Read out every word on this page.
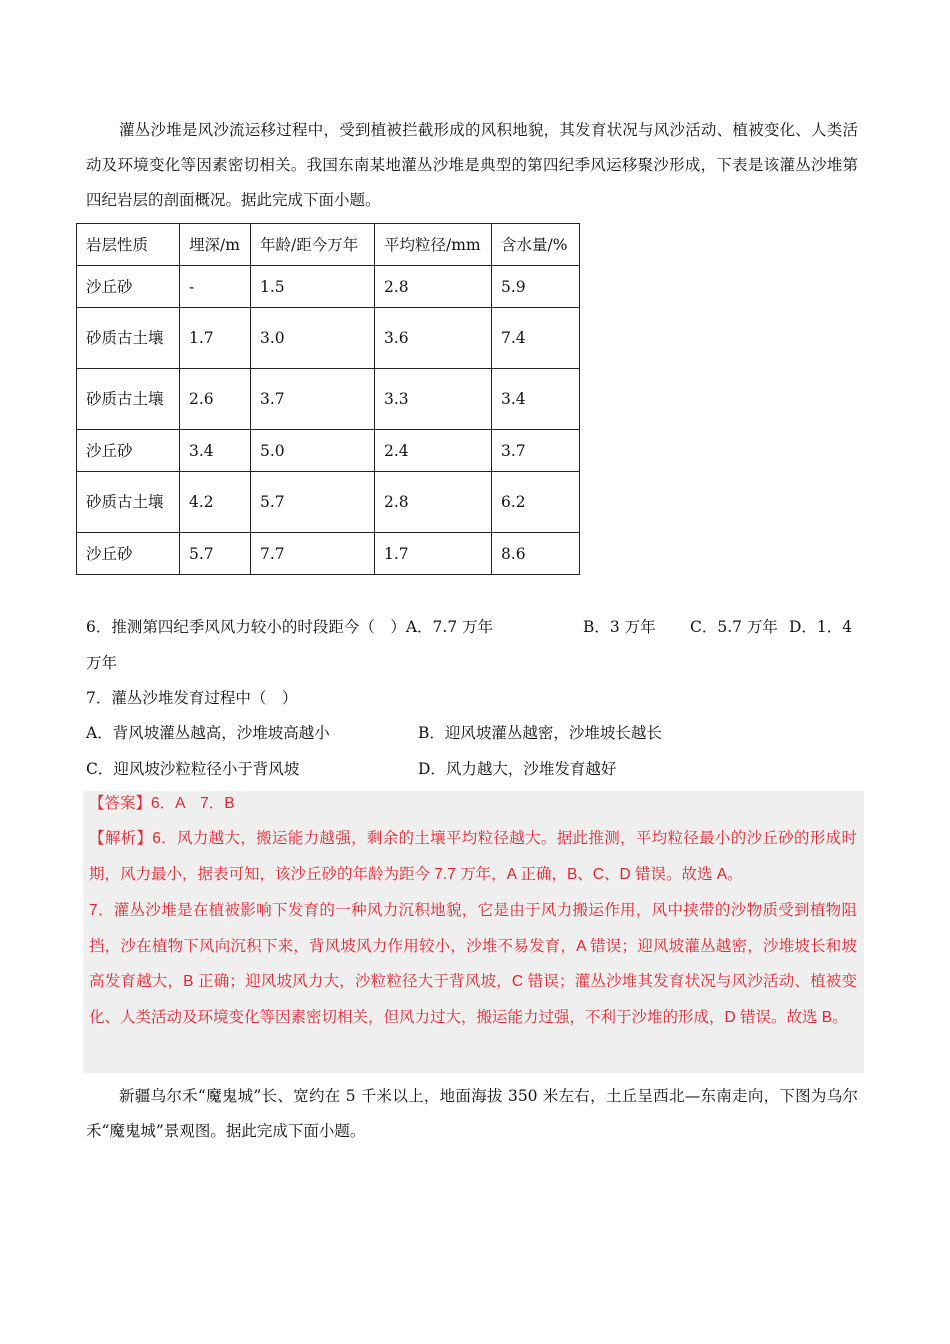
灌丛沙堆是风沙流运移过程中，受到植被拦截形成的风积地貌，其发育状况与风沙活动、植被变化、人类活动及环境变化等因素密切相关。我国东南某地灌丛沙堆是典型的第四纪季风运移聚沙形成，下表是该灌丛沙堆第四纪岩层的剖面概况。据此完成下面小题。
岩层性质	埋深/m	年龄/距今万年	平均粒径/mm	含水量/%
沙丘砂	-	1.5	2.8	5.9
砂质古土壤	1.7	3.0	3.6	7.4
砂质古土壤	2.6	3.7	3.3	3.4
沙丘砂	3.4	5.0	2.4	3.7
砂质古土壤	4.2	5.7	2.8	6.2
沙丘砂	5.7	7.7	1.7	8.6
6．推测第四纪季风风力较小的时段距今（　）A．7.7 万年	B．3 万年 C．5.7 万年 D．1．4
万年
7．灌丛沙堆发育过程中（　）
A．背风坡灌丛越高，沙堆坡高越小	B．迎风坡灌丛越密，沙堆坡长越长
C．迎风坡沙粒粒径小于背风坡	D．风力越大，沙堆发育越好
【答案】6．A　7．B
【解析】6．风力越大，搬运能力越强，剩余的土壤平均粒径越大。据此推测，平均粒径最小的沙丘砂的形成时期，风力最小，据表可知，该沙丘砂的年龄为距今 7.7 万年，A 正确，B、C、D 错误。故选 A。
7．灌丛沙堆是在植被影响下发育的一种风力沉积地貌，它是由于风力搬运作用，风中挟带的沙物质受到植物阻挡，沙在植物下风向沉积下来，背风坡风力作用较小，沙堆不易发育，A 错误；迎风坡灌丛越密，沙堆坡长和坡高发育越大，B 正确；迎风坡风力大，沙粒粒径大于背风坡，C 错误；灌丛沙堆其发育状况与风沙活动、植被变化、人类活动及环境变化等因素密切相关，但风力过大，搬运能力过强，不利于沙堆的形成，D 错误。故选 B。
新疆乌尔禾“魔鬼城”长、宽约在 5 千米以上，地面海拔 350 米左右，土丘呈西北—东南走向，下图为乌尔禾“魔鬼城”景观图。据此完成下面小题。
